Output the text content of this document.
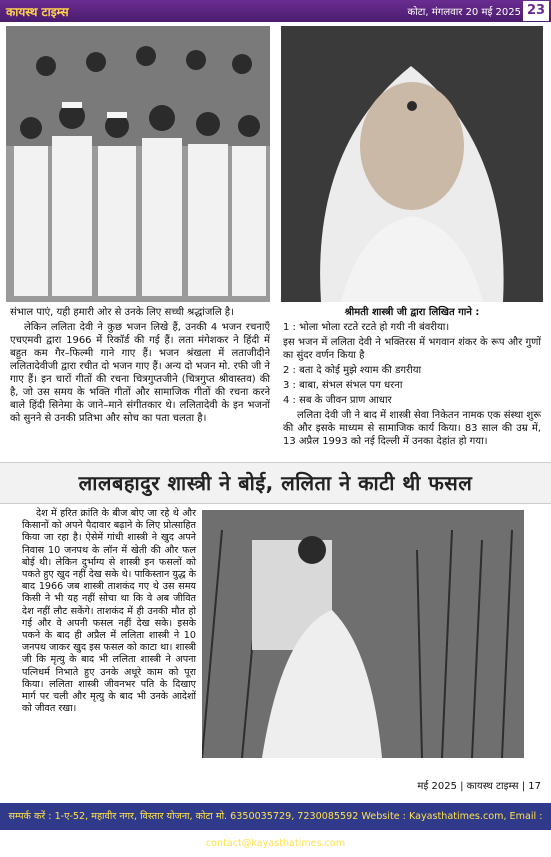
कायस्थ टाइम्स	कोटा, मंगलवार 20 मई 2025 23

संभाल पाएं, यही हमारी ओर से उनके लिए सच्ची श्रद्धांजलि है।

लेकिन ललिता देवी ने कुछ भजन लिखे हैं, उनकी 4 भजन रचनाएँ एचएमवी द्वारा 1966 में रिकॉर्ड की गई हैं। लता मंगेशकर ने हिंदी में बहुत कम गैर–फिल्मी गाने गाए हैं। भजन श्रंखला में लताजीदीने ललितादेवीजी द्वारा रचीत दो भजन गाए हैं। अन्य दो भजन मो. रफी जी ने गाए हैं। इन चारों गीतों की रचना चित्रगुप्तजीने (चित्रगुप्त श्रीवास्तव) की है, जो उस समय के भक्ति गीतों और सामाजिक गीतों की रचना करने बाले हिंदी सिनेमा के जाने–माने संगीतकार थे। ललितादेवी के इन भजनों को सुनने से उनकी प्रतिभा और सोच का पता चलता है।

श्रीमती शास्त्री जी द्वारा लिखित गाने :

1 : भोला भोला रटते रटते हो गयी नी बंवरीया।

इस भजन में ललिता देवी ने भक्तिरस में भगवान शंकर के रूप और गुणों का सुंदर वर्णन किया है

2 : बता दे कोई मुझे श्याम की डगरीया

3 : बाबा, संभल संभल पग धरना

4 : सब के जीवन प्राण आधार

ललिता देवी जी ने बाद में शास्त्री सेवा निकेतन नामक एक संस्था शुरू की और इसके माध्यम से सामाजिक कार्य किया। 83 साल की उम्र में, 13 अप्रैल 1993 को नई दिल्ली में उनका देहांत हो गया।

लालबहादुर शास्त्री ने बोई, ललिता ने काटी थी फसल

देश में हरित क्रांति के बीज बोए जा रहे थे और किसानों को अपने पैदावार बढ़ाने के लिए प्रोत्साहित किया जा रहा है। ऐसेमें गांधी शास्त्री ने खुद अपने निवास 10 जनपथ के लॉन में खेती की और फल बोई थी। लेकिन दुर्भाग्य से शास्त्री इन फसलों को पकते हुए खुद नहीं देख सके थे। पाकिस्तान युद्ध के बाद 1966 जब शास्त्री ताशकंद गए थे उस समय किसी ने भी यह नहीं सोचा था कि वे अब जीवित देश नहीं लौट सकेंगे। ताशकंद में ही उनकी मौत हो गई और वे अपनी फसल नहीं देख सके। इसके पकने के बाद ही अप्रैल में ललिता शास्त्री ने 10 जनपथ जाकर खुद इस फसल को काटा था। शास्त्री जी कि मृत्यु के बाद भी ललिता शास्त्री ने अपना पत्निधर्म निभाते हुए उनके अधूरे काम को पूरा किया। ललिता शास्त्री जीवनभर पति के दिखाए मार्ग पर चली और मृत्यु के बाद भी उनके आदेशों को जीवत रखा।

मई 2025 | कायस्थ टाइम्स | 17
सम्पर्क करें : 1-ए-52, महावीर नगर, विस्तार योजना, कोटा मो. 6350035729, 7230085592 Website : Kayasthatimes.com, Email : contact@kayasthatimes.com
